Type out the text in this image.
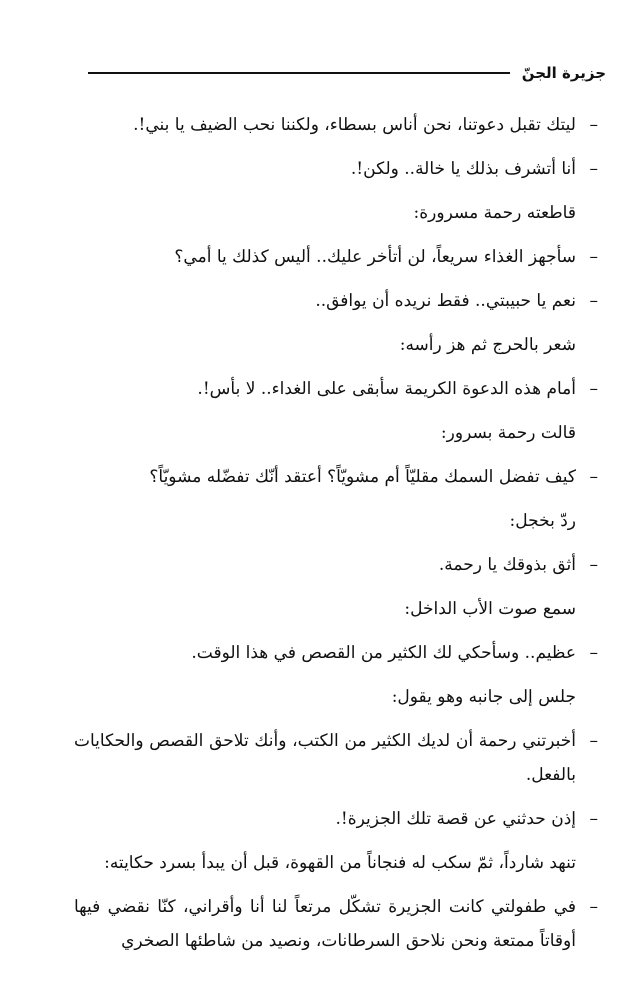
جزيرة الجنّ

–
ليتك تقبل دعوتنا، نحن أناس بسطاء، ولكننا نحب الضيف يا بني!.

–
أنا أتشرف بذلك يا خالة.. ولكن!.

قاطعته رحمة مسرورة:

–
سأجهز الغذاء سريعاً، لن أتأخر عليك.. أليس كذلك يا أمي؟

–
نعم يا حبيبتي.. فقط نريده أن يوافق..

شعر بالحرج ثم هز رأسه:

–
أمام هذه الدعوة الكريمة سأبقى على الغداء.. لا بأس!.

قالت رحمة بسرور:

–
كيف تفضل السمك مقليّاً أم مشويّاً؟ أعتقد أنّك تفضّله مشويّاً؟

ردّ بخجل:

–
أثق بذوقك يا رحمة.

سمع صوت الأب الداخل:

–
عظيم.. وسأحكي لك الكثير من القصص في هذا الوقت.

جلس إلى جانبه وهو يقول:

–
أخبرتني رحمة أن لديك الكثير من الكتب، وأنك تلاحق القصص والحكايات بالفعل.

–
إذن حدثني عن قصة تلك الجزيرة!.

تنهد شارداً، ثمّ سكب له فنجاناً من القهوة، قبل أن يبدأ بسرد حكايته:

–
في طفولتي كانت الجزيرة تشكّل مرتعاً لنا أنا وأقراني، كنّا نقضي فيها أوقاتاً ممتعة ونحن نلاحق السرطانات، ونصيد من شاطئها الصخري
